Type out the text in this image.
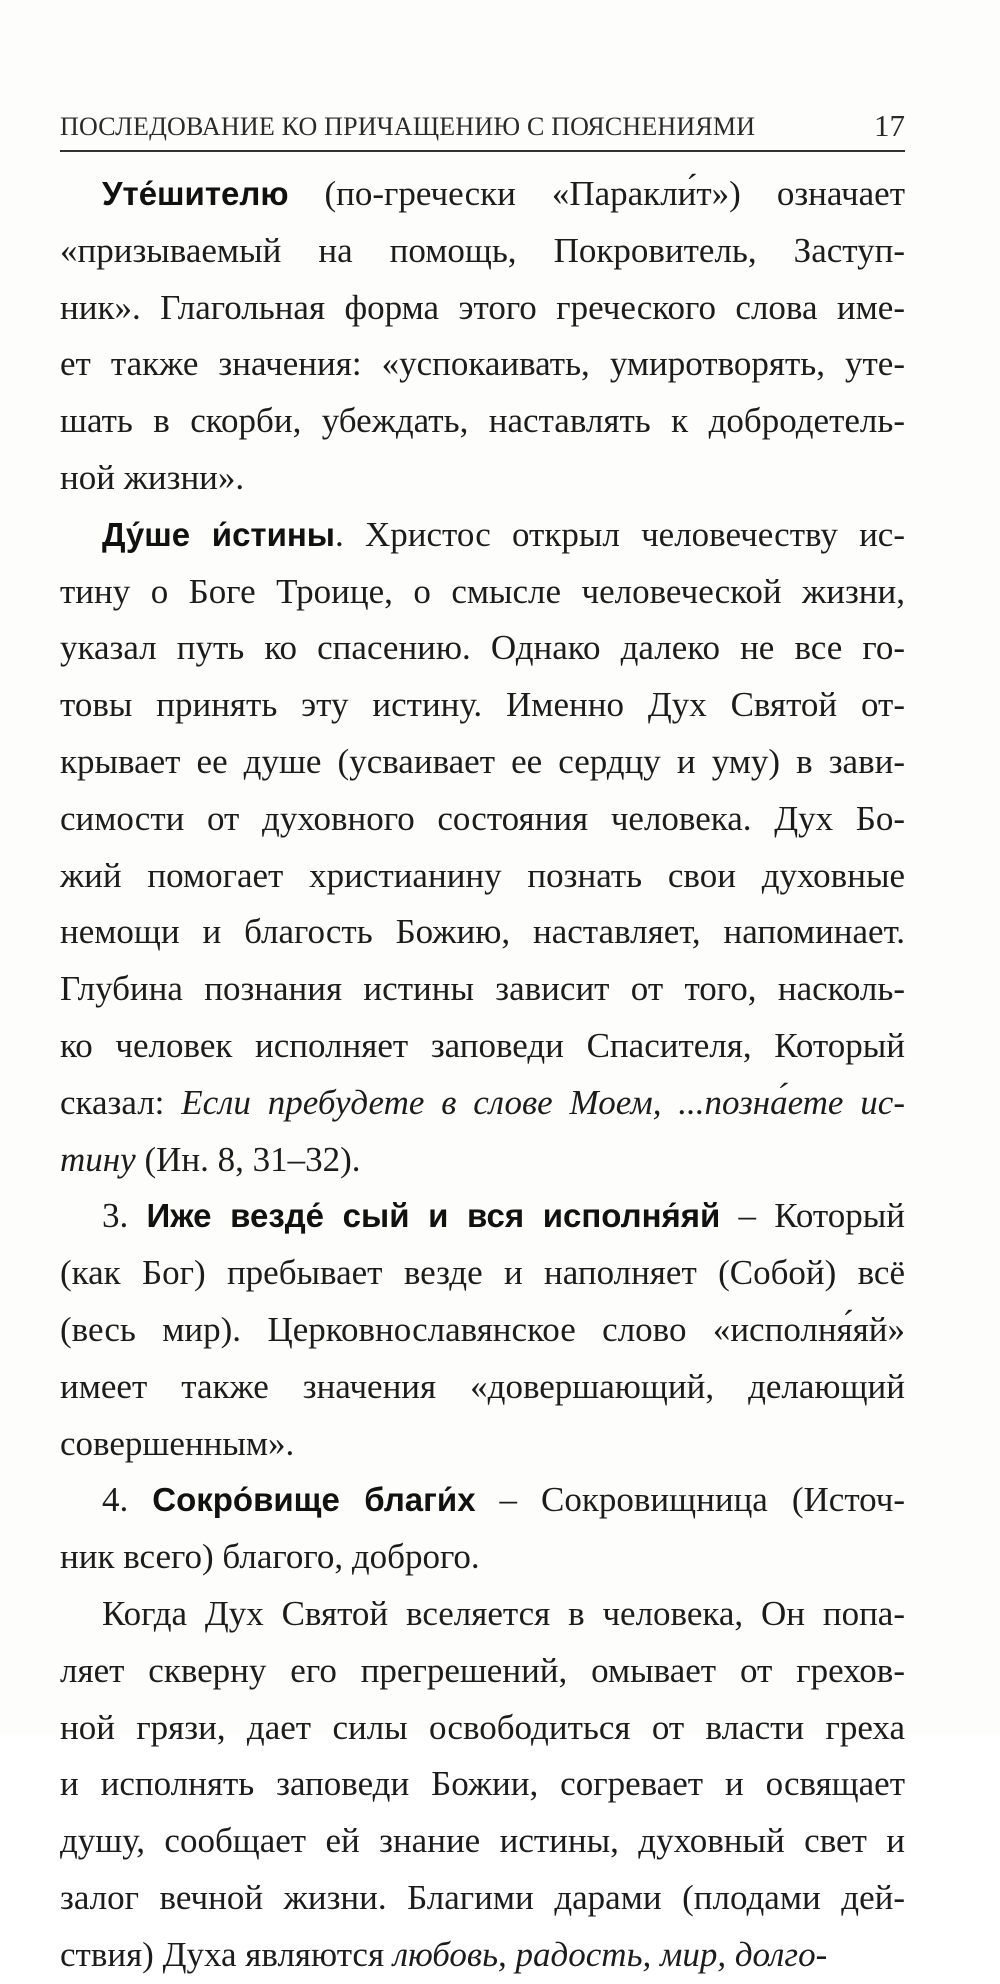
ПОСЛЕДОВАНИЕ КО ПРИЧАЩЕНИЮ С ПОЯСНЕНИЯМИ	17

Уте́шителю (по-гречески «Паракли́т») означает
«призываемый на помощь, Покровитель, Заступ-
ник». Глагольная форма этого греческого слова име-
ет также значения: «успокаивать, умиротворять, уте-
шать в скорби, убеждать, наставлять к добродетель-
ной жизни».

Ду́ше и́стины. Христос открыл человечеству ис-
тину о Боге Троице, о смысле человеческой жизни,
указал путь ко спасению. Однако далеко не все го-
товы принять эту истину. Именно Дух Святой от-
крывает ее душе (усваивает ее сердцу и уму) в зави-
симости от духовного состояния человека. Дух Бо-
жий помогает христианину познать свои духовные
немощи и благость Божию, наставляет, напоминает.
Глубина познания истины зависит от того, насколь-
ко человек исполняет заповеди Спасителя, Который
сказал: Если пребудете в слове Моем, ...позна́ете ис-
тину (Ин. 8, 31–32).

3. Иже везде́ сый и вся исполня́яй – Который
(как Бог) пребывает везде и наполняет (Собой) всё
(весь мир). Церковнославянское слово «исполня́яй»
имеет также значения «довершающий, делающий
совершенным».

4. Сокро́вище благи́х – Сокровищница (Источ-
ник всего) благого, доброго.

Когда Дух Святой вселяется в человека, Он попа-
ляет скверну его прегрешений, омывает от грехов-
ной грязи, дает силы освободиться от власти греха
и исполнять заповеди Божии, согревает и освящает
душу, сообщает ей знание истины, духовный свет и
залог вечной жизни. Благими дарами (плодами дей-
ствия) Духа являются любовь, радость, мир, долго-
